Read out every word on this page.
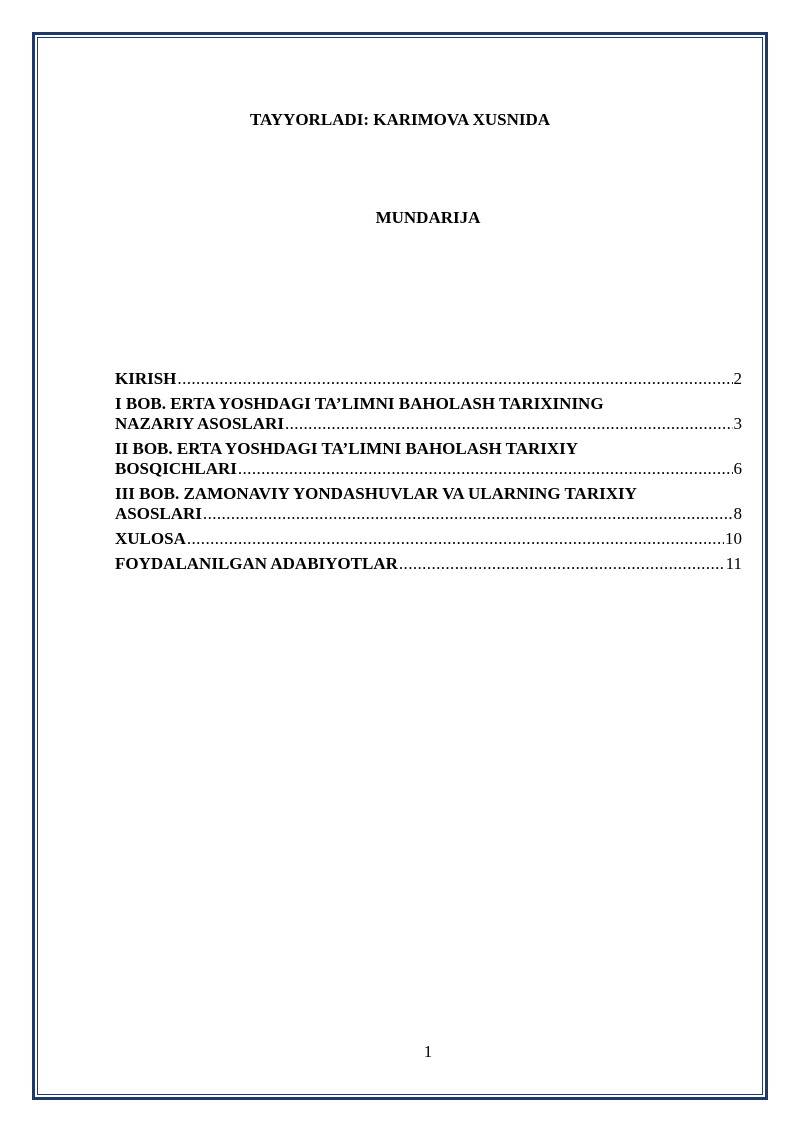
TAYYORLADI: KARIMOVA XUSNIDA

MUNDARIJA

KIRISH .....	2
I BOB. ERTA YOSHDAGI TA’LIMNI BAHOLASH TARIXINING
NAZARIY ASOSLARI .....	3
II BOB. ERTA YOSHDAGI TA’LIMNI BAHOLASH TARIXIY
BOSQICHLARI .....	6
III BOB. ZAMONAVIY YONDASHUVLAR VA ULARNING TARIXIY
ASOSLARI .....	8
XULOSA .....	10
FOYDALANILGAN ADABIYOTLAR .....	11

1
